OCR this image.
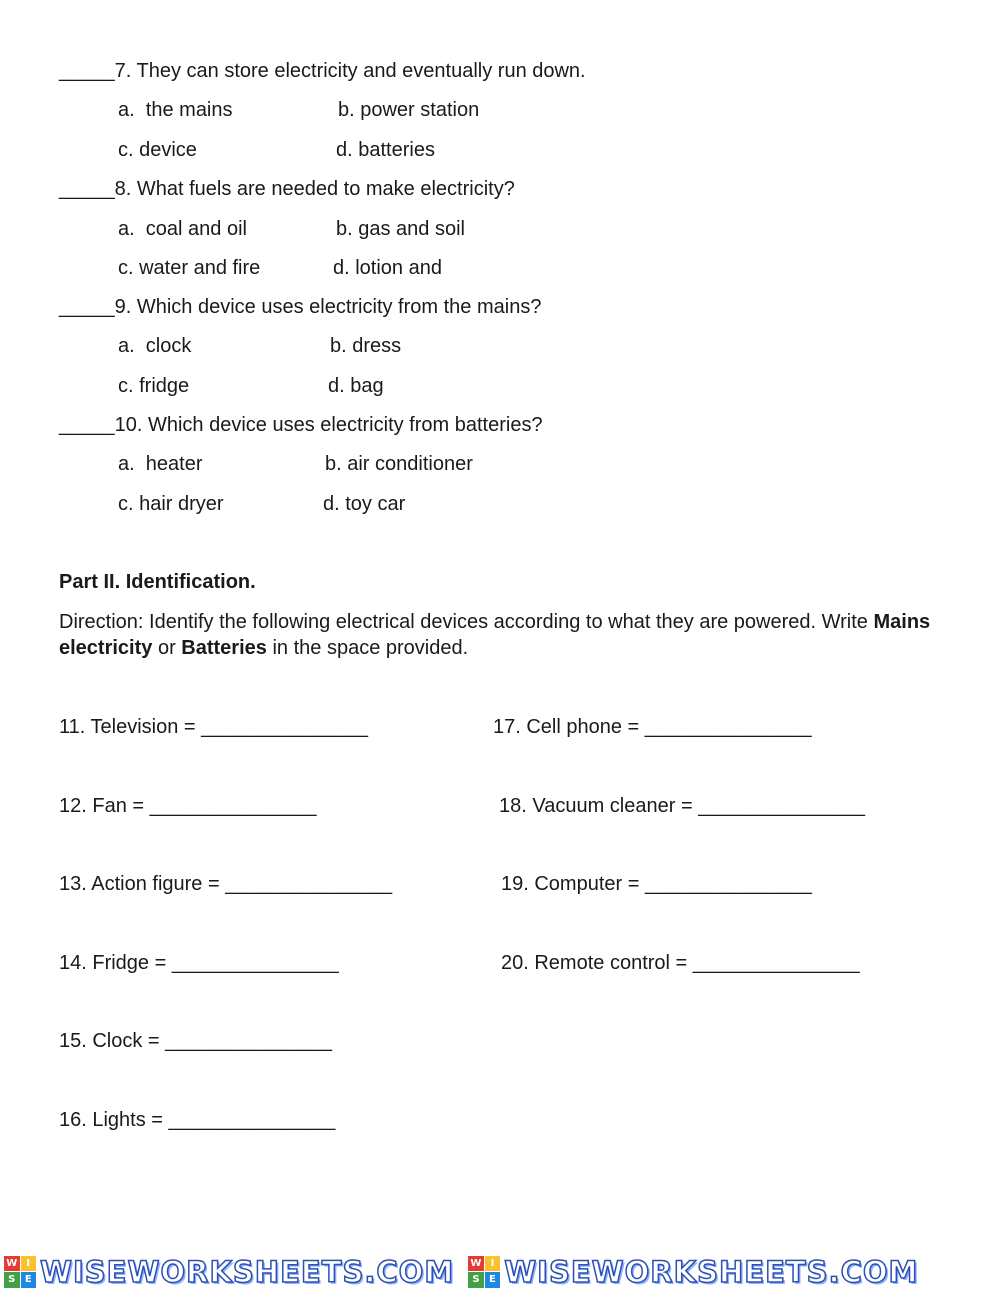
_____7. They can store electricity and eventually run down.
a.  the mains	b. power station
c. device	d. batteries
_____8. What fuels are needed to make electricity?
a.  coal and oil	b. gas and soil
c. water and fire	d. lotion and
_____9. Which device uses electricity from the mains?
a.  clock	b. dress
c. fridge	d. bag
_____10. Which device uses electricity from batteries?
a.  heater	b. air conditioner
c. hair dryer	d. toy car
Part II. Identification.
Direction: Identify the following electrical devices according to what they are powered. Write Mains electricity or Batteries in the space provided.
11. Television = _______________
12. Fan = _______________
13. Action figure = _______________
14. Fridge = _______________
15. Clock = _______________
16. Lights = _______________
17. Cell phone = _______________
18. Vacuum cleaner = _______________
19. Computer = _______________
20. Remote control = _______________
W I
S E WISEWORKSHEETS.COM W I
S E WISEWORKSHEETS.COM
